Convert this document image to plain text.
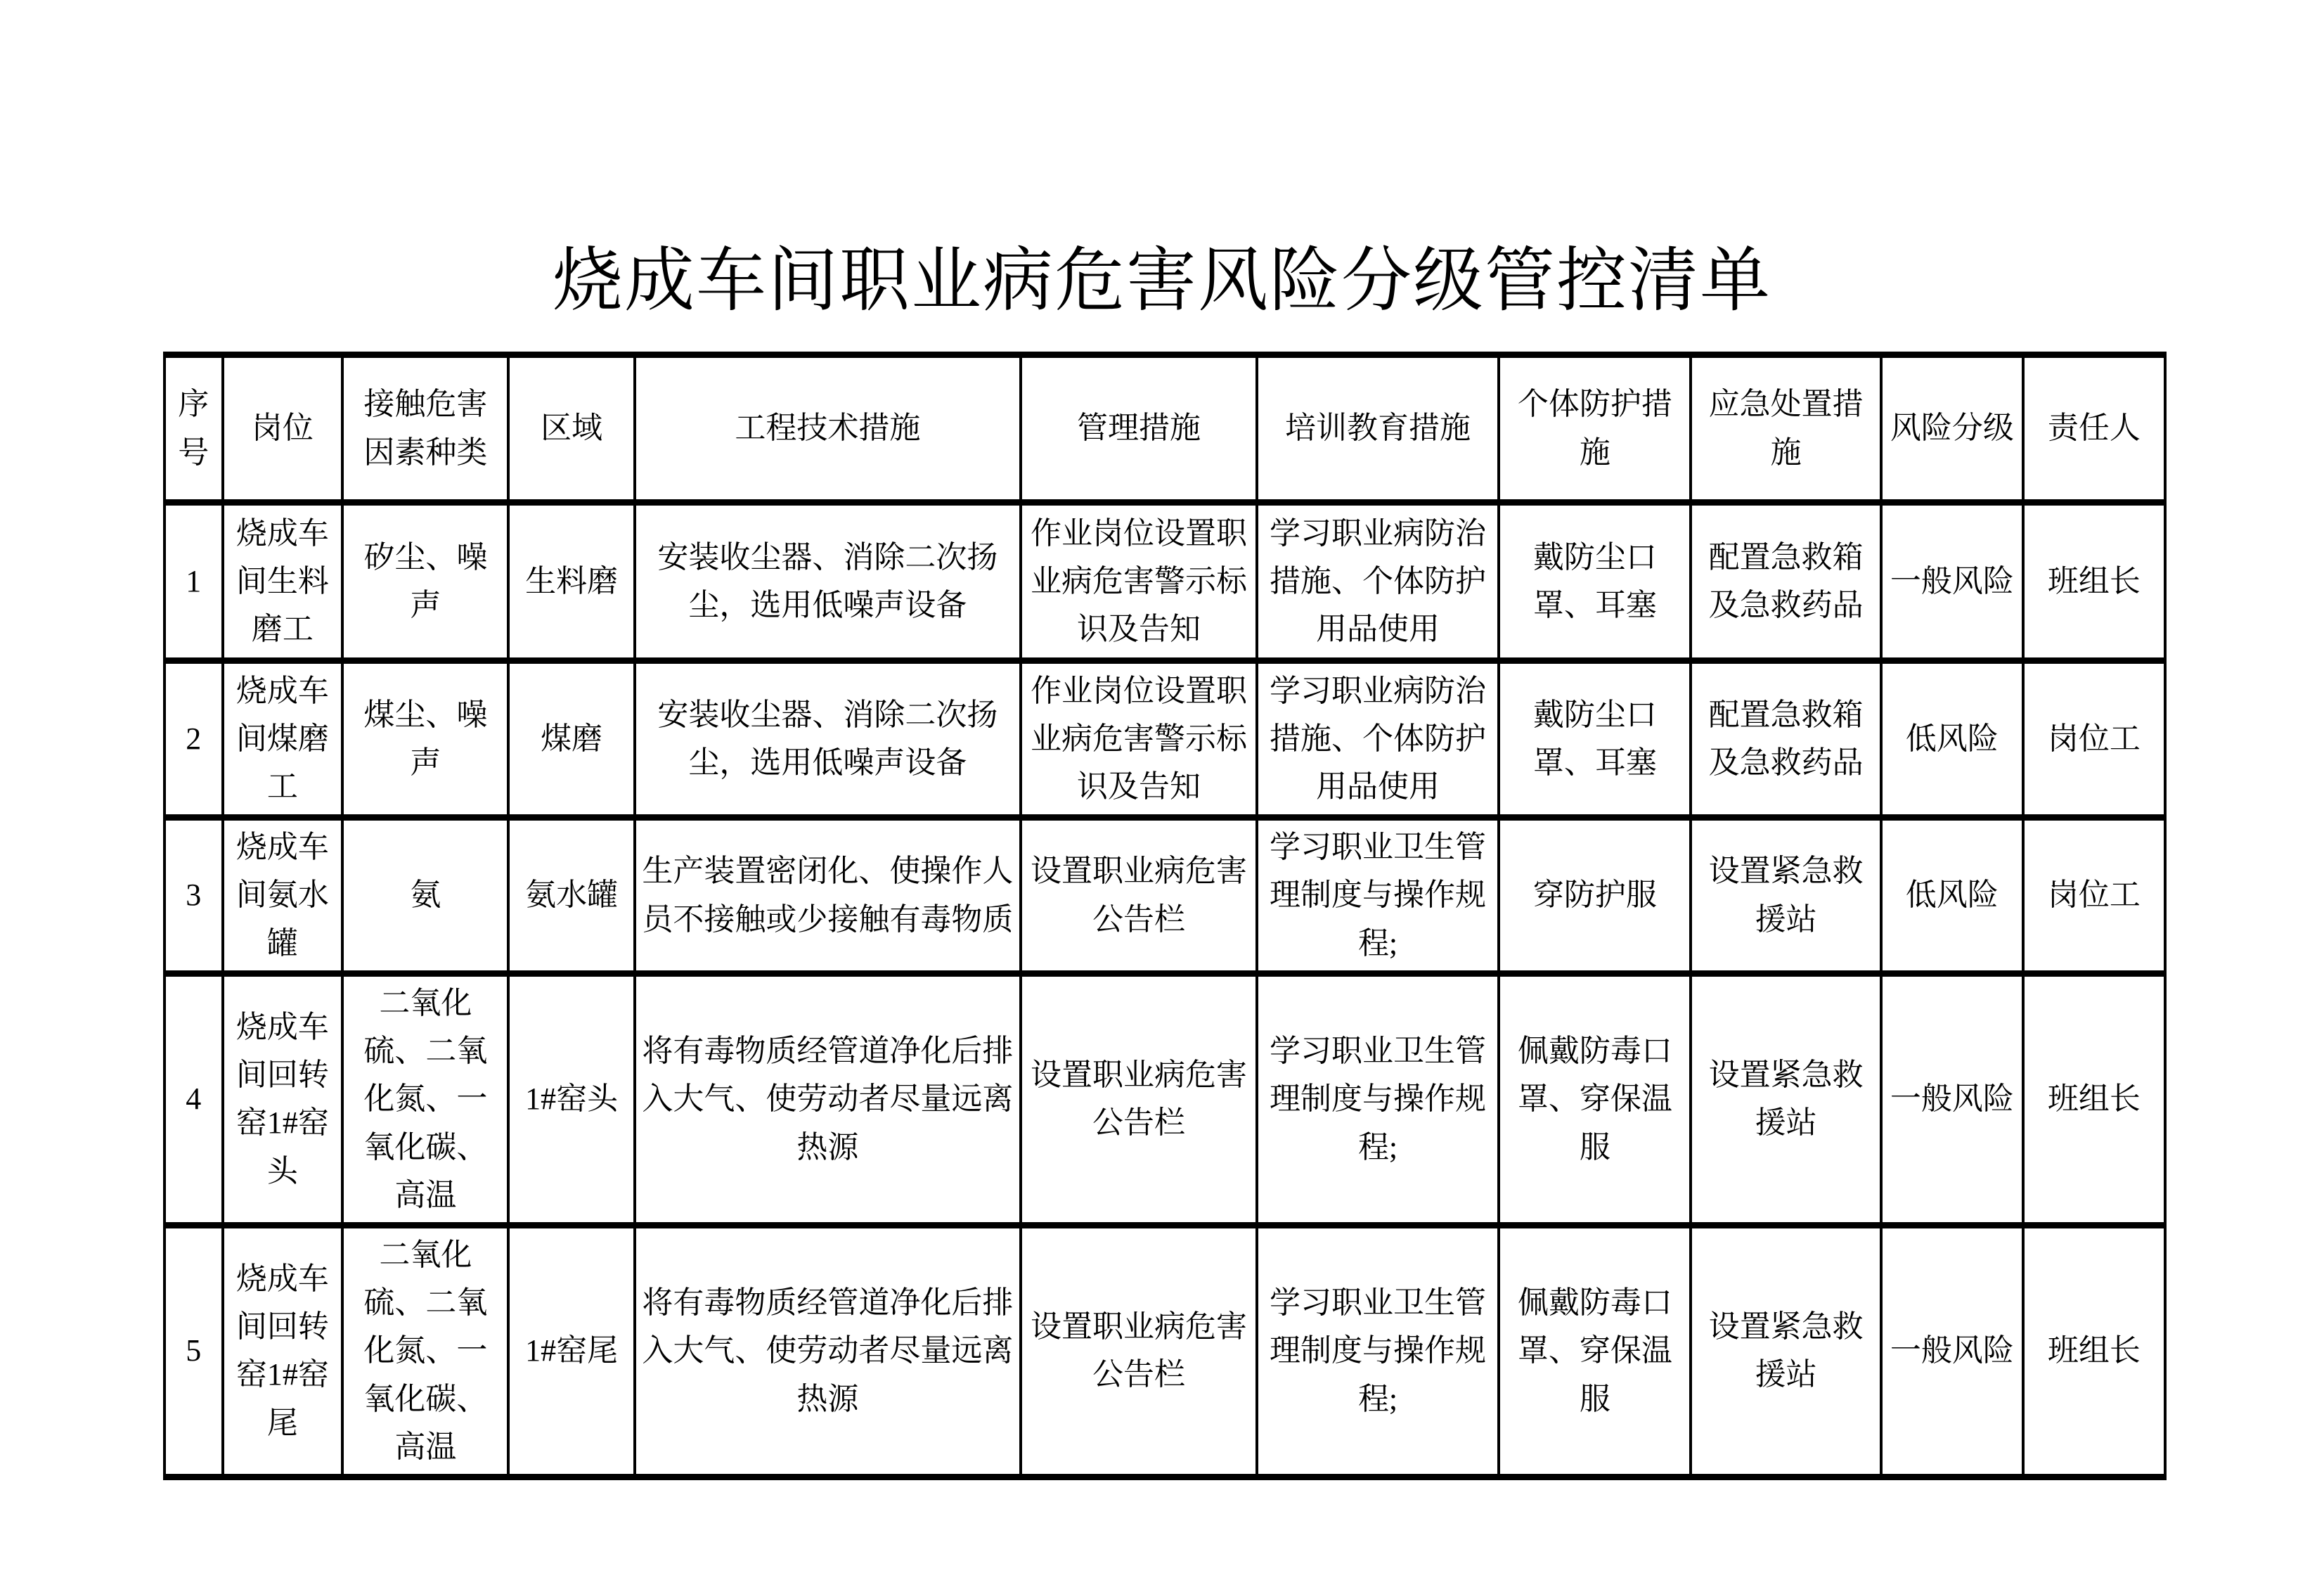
烧成车间职业病危害风险分级管控清单
序号	岗位	接触危害因素种类	区域	工程技术措施	管理措施	培训教育措施	个体防护措施	应急处置措施	风险分级	责任人
1	烧成车间生料磨工	矽尘、噪声	生料磨	安装收尘器、消除二次扬尘，选用低噪声设备	作业岗位设置职业病危害警示标识及告知	学习职业病防治措施、个体防护用品使用	戴防尘口罩、耳塞	配置急救箱及急救药品	一般风险	班组长
2	烧成车间煤磨工	煤尘、噪声	煤磨	安装收尘器、消除二次扬尘，选用低噪声设备	作业岗位设置职业病危害警示标识及告知	学习职业病防治措施、个体防护用品使用	戴防尘口罩、耳塞	配置急救箱及急救药品	低风险	岗位工
3	烧成车间氨水罐	氨	氨水罐	生产装置密闭化、使操作人员不接触或少接触有毒物质	设置职业病危害公告栏	学习职业卫生管理制度与操作规程;	穿防护服	设置紧急救援站	低风险	岗位工
4	烧成车间回转窑1#窑头	二氧化硫、二氧化氮、一氧化碳、高温	1#窑头	将有毒物质经管道净化后排入大气、使劳动者尽量远离热源	设置职业病危害公告栏	学习职业卫生管理制度与操作规程;	佩戴防毒口罩、穿保温服	设置紧急救援站	一般风险	班组长
5	烧成车间回转窑1#窑尾	二氧化硫、二氧化氮、一氧化碳、高温	1#窑尾	将有毒物质经管道净化后排入大气、使劳动者尽量远离热源	设置职业病危害公告栏	学习职业卫生管理制度与操作规程;	佩戴防毒口罩、穿保温服	设置紧急救援站	一般风险	班组长
